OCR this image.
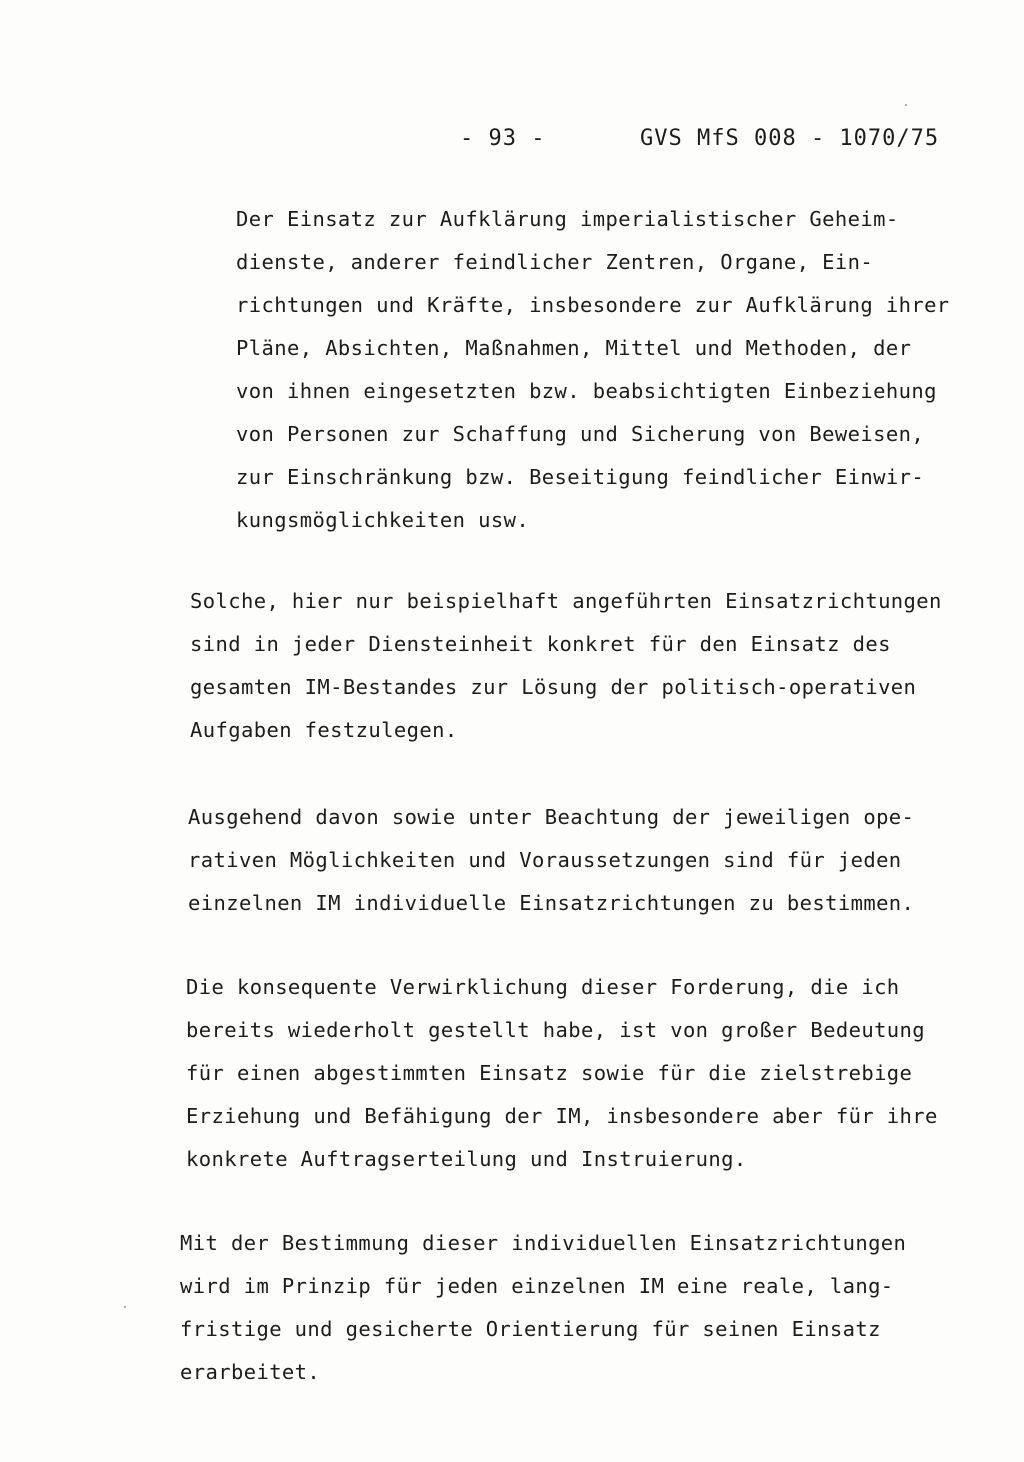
- 93 -	GVS MfS 008 - 1070/75
Der Einsatz zur Aufklärung imperialistischer Geheim-
dienste, anderer feindlicher Zentren, Organe, Ein-
richtungen und Kräfte, insbesondere zur Aufklärung ihrer
Pläne, Absichten, Maßnahmen, Mittel und Methoden, der
von ihnen eingesetzten bzw. beabsichtigten Einbeziehung
von Personen zur Schaffung und Sicherung von Beweisen,
zur Einschränkung bzw. Beseitigung feindlicher Einwir-
kungsmöglichkeiten usw.
Solche, hier nur beispielhaft angeführten Einsatzrichtungen
sind in jeder Diensteinheit konkret für den Einsatz des
gesamten IM-Bestandes zur Lösung der politisch-operativen
Aufgaben festzulegen.
Ausgehend davon sowie unter Beachtung der jeweiligen ope-
rativen Möglichkeiten und Voraussetzungen sind für jeden
einzelnen IM individuelle Einsatzrichtungen zu bestimmen.
Die konsequente Verwirklichung dieser Forderung, die ich
bereits wiederholt gestellt habe, ist von großer Bedeutung
für einen abgestimmten Einsatz sowie für die zielstrebige
Erziehung und Befähigung der IM, insbesondere aber für ihre
konkrete Auftragserteilung und Instruierung.
Mit der Bestimmung dieser individuellen Einsatzrichtungen
wird im Prinzip für jeden einzelnen IM eine reale, lang-
fristige und gesicherte Orientierung für seinen Einsatz
erarbeitet.
